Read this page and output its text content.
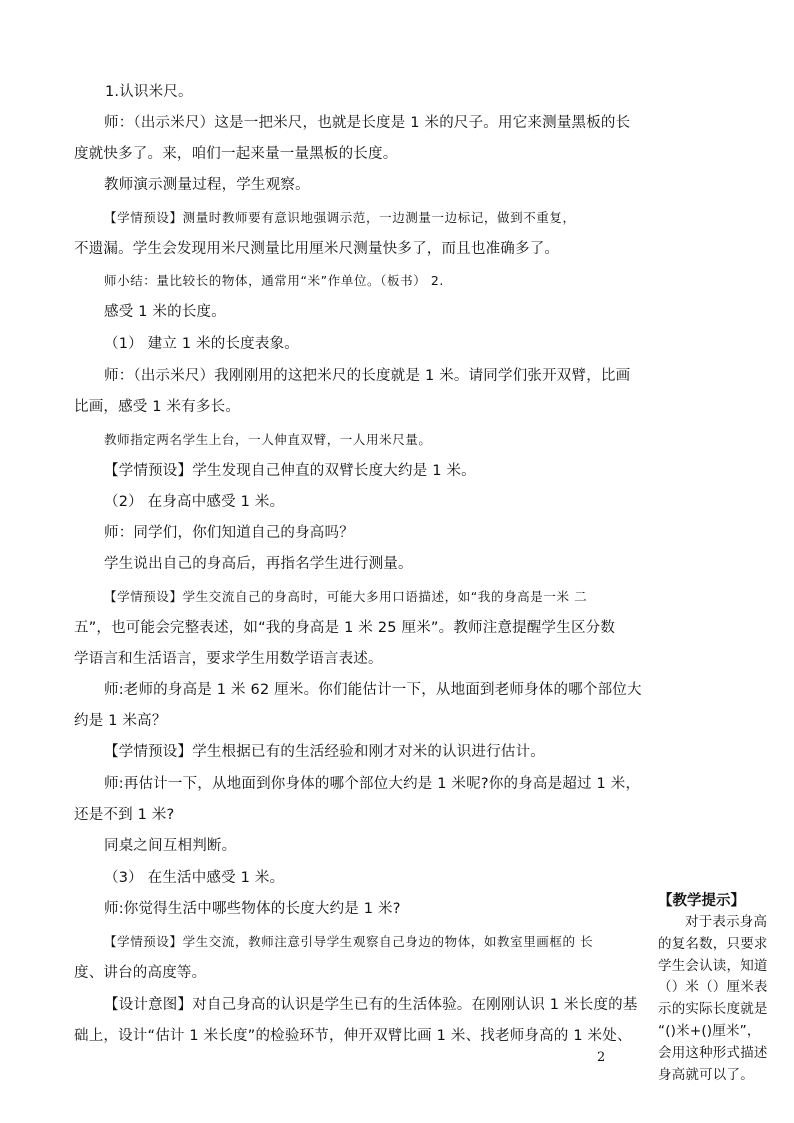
1.认识米尺。
师：（出示米尺）这是一把米尺，也就是长度是 1 米的尺子。用它来测量黑板的长
度就快多了。来，咱们一起来量一量黑板的长度。
教师演示测量过程，学生观察。
【学情预设】测量时教师要有意识地强调示范，一边测量一边标记，做到不重复，
不遗漏。学生会发现用米尺测量比用厘米尺测量快多了，而且也准确多了。
师小结：量比较长的物体，通常用“米”作单位。（板书） 2.
感受 1 米的长度。
（1） 建立 1 米的长度表象。
师：（出示米尺）我刚刚用的这把米尺的长度就是 1 米。请同学们张开双臂，比画
比画，感受 1 米有多长。
教师指定两名学生上台，一人伸直双臂，一人用米尺量。
【学情预设】学生发现自己伸直的双臂长度大约是 1 米。
（2） 在身高中感受 1 米。
师：同学们，你们知道自己的身高吗？
学生说出自己的身高后，再指名学生进行测量。
【学情预设】学生交流自己的身高时，可能大多用口语描述，如“我的身高是一米 二
五”，也可能会完整表述，如“我的身高是 1 米 25 厘米”。教师注意提醒学生区分数
学语言和生活语言，要求学生用数学语言表述。
师:老师的身高是 1 米 62 厘米。你们能估计一下，从地面到老师身体的哪个部位大
约是 1 米高？
【学情预设】学生根据已有的生活经验和刚才对米的认识进行估计。
师:再估计一下，从地面到你身体的哪个部位大约是 1 米呢?你的身高是超过 1 米，
还是不到 1 米?
同桌之间互相判断。
（3） 在生活中感受 1 米。
师:你觉得生活中哪些物体的长度大约是 1 米?
【学情预设】学生交流，教师注意引导学生观察自己身边的物体，如教室里画框的 长
度、讲台的高度等。
【设计意图】对自己身高的认识是学生已有的生活体验。在刚刚认识 1 米长度的基
础上，设计“估计 1 米长度”的检验环节，伸开双臂比画 1 米、找老师身高的 1 米处、
2
【教学提示】
对于表示身高
的复名数，只要求
学生会认读，知道
（）米（）厘米表
示的实际长度就是
“()米+()厘米”，
会用这种形式描述
身高就可以了。
